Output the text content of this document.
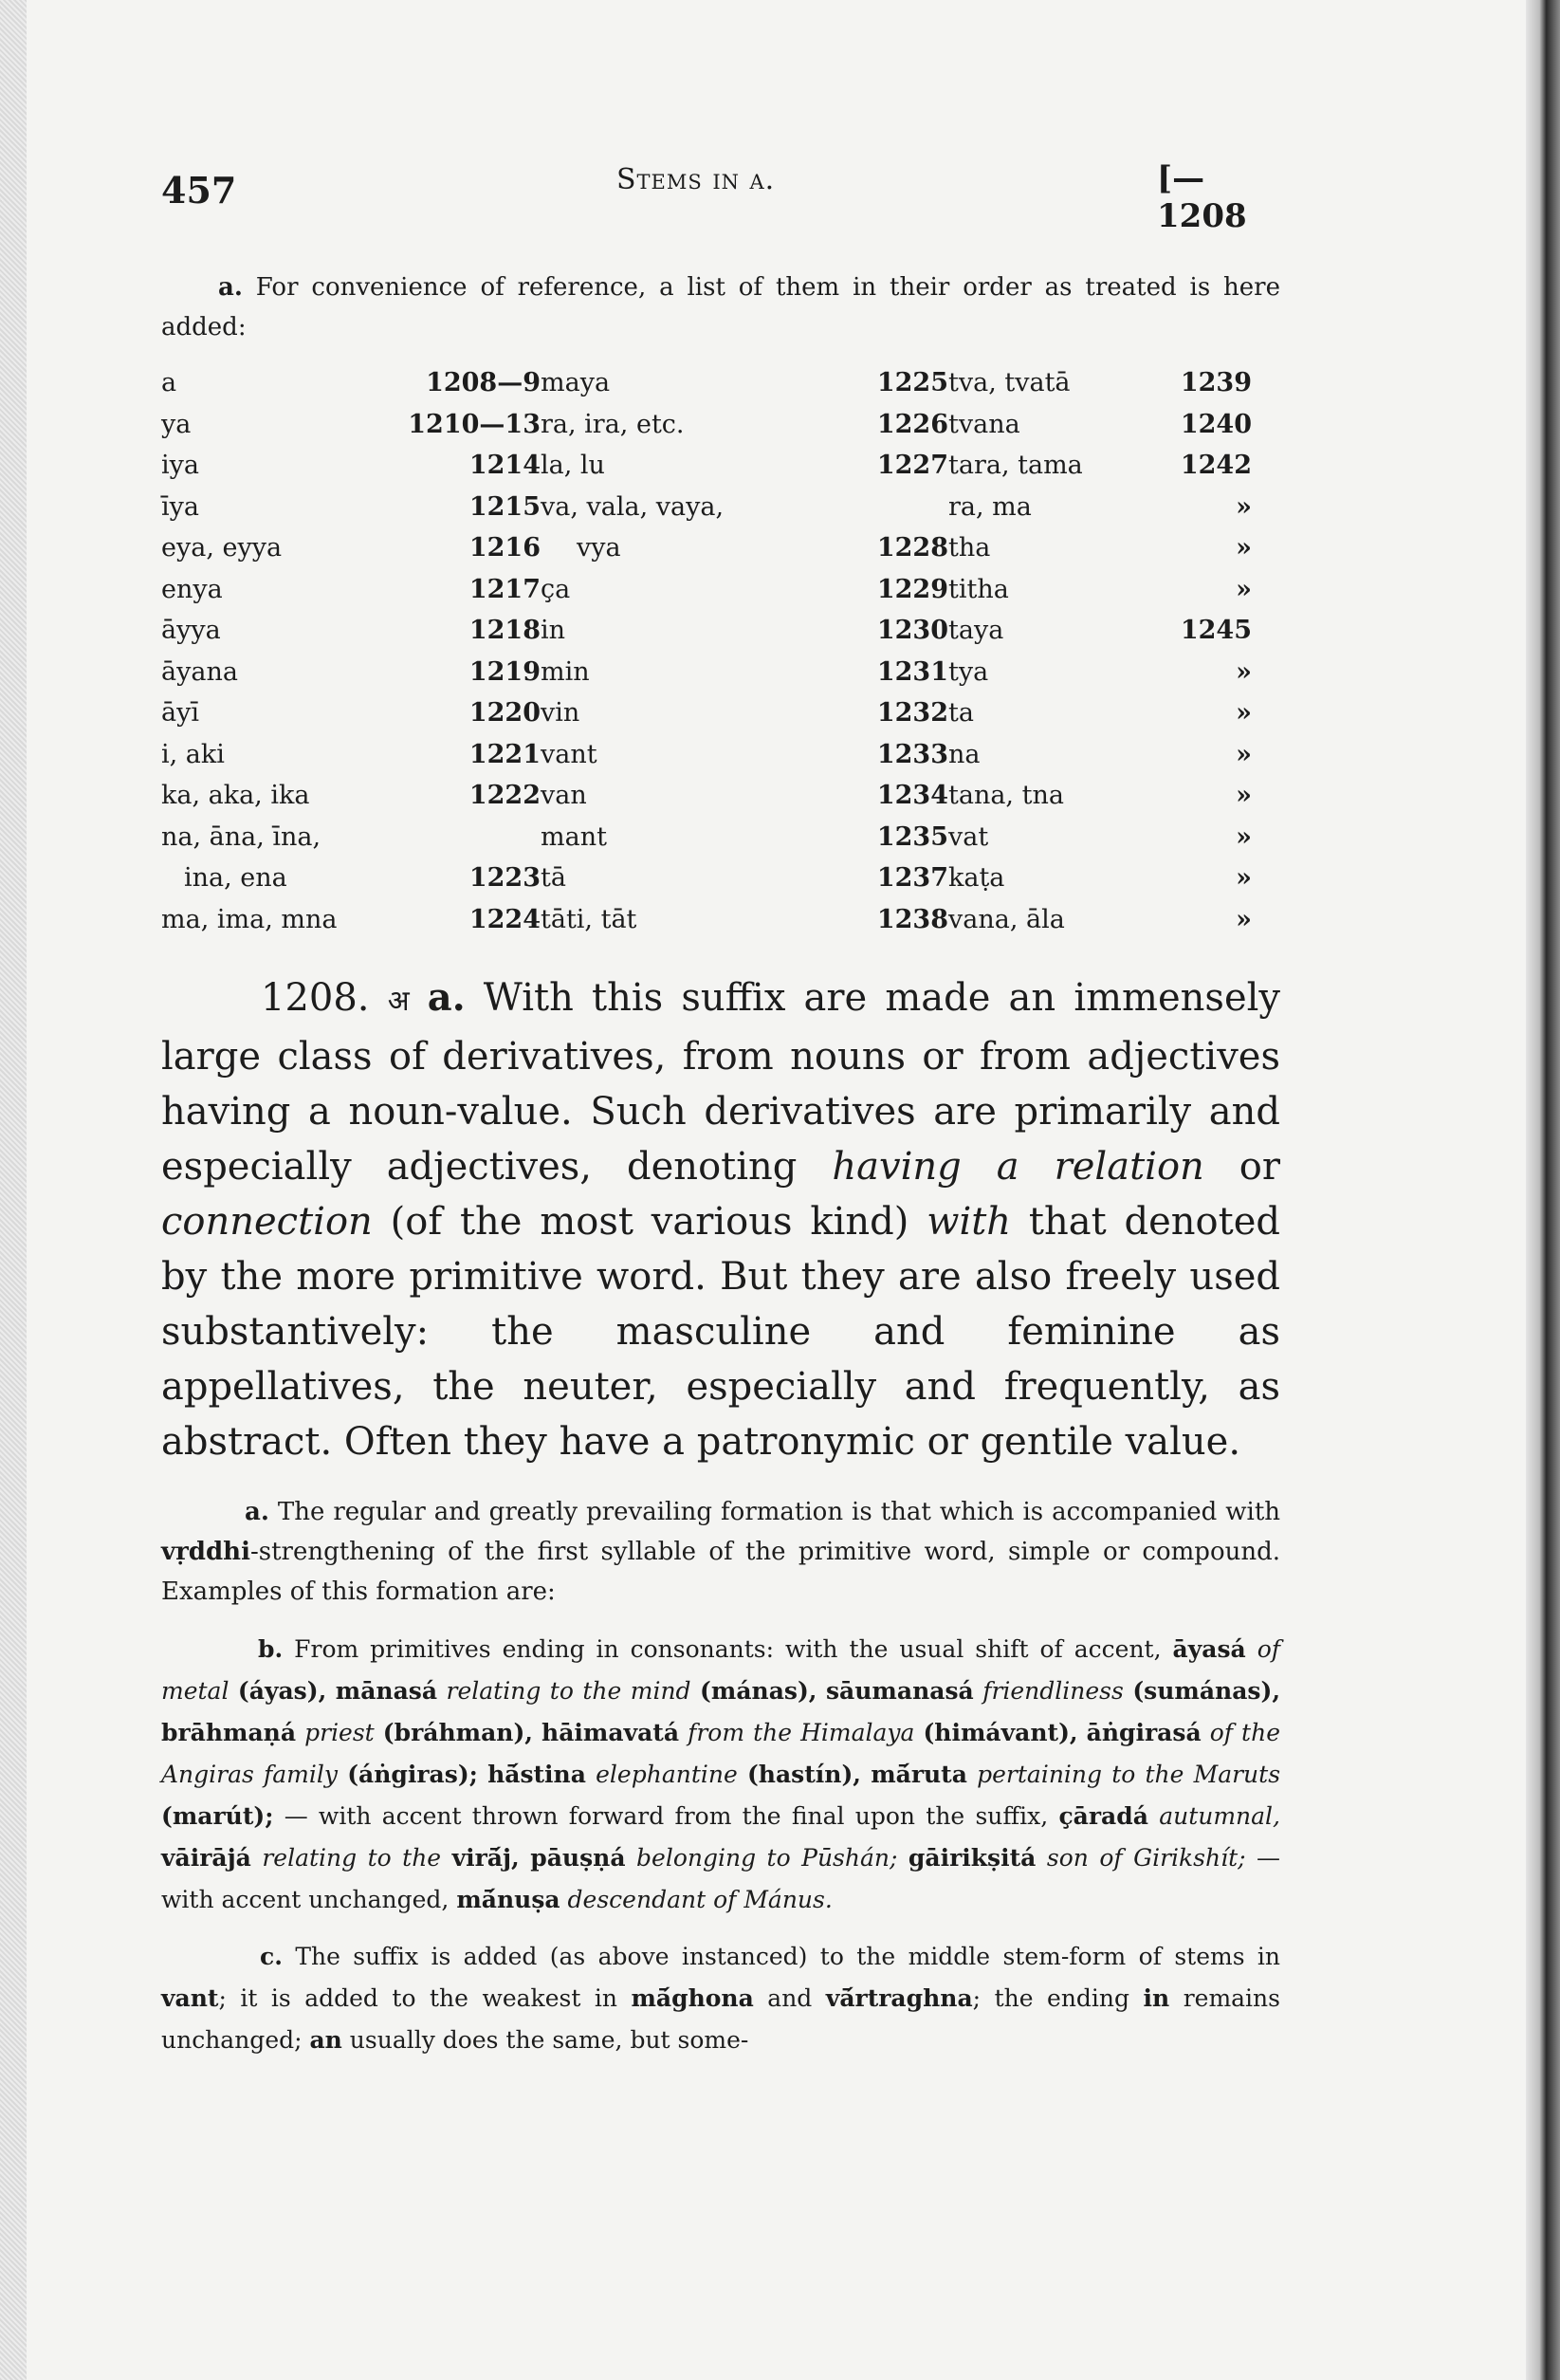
457	Stems in a.	[—1208

a. For convenience of reference, a list of them in their order as treated is here added:

a	1208—9	maya	1225	tva, tvatā	1239
ya	1210—13	ra, ira, etc.	1226	tvana	1240
iya	1214	la, lu	1227	tara, tama	1242
īya	1215	va, vala, vaya,		ra, ma	»
eya, eyya	1216	vya	1228	tha	»
enya	1217	ça	1229	titha	»
āyya	1218	in	1230	taya	1245
āyana	1219	min	1231	tya	»
āyī	1220	vin	1232	ta	»
i, aki	1221	vant	1233	na	»
ka, aka, ika	1222	van	1234	tana, tna	»
na, āna, īna,		mant	1235	vat	»
ina, ena	1223	tā	1237	kaṭa	»
ma, ima, mna	1224	tāti, tāt	1238	vana, āla	»

1208. अ a. With this suffix are made an immensely large class of derivatives, from nouns or from adjectives having a noun-value. Such derivatives are primarily and especially adjectives, denoting having a relation or connection (of the most various kind) with that denoted by the more primitive word. But they are also freely used substantively: the masculine and feminine as appellatives, the neuter, especially and frequently, as abstract. Often they have a patronymic or gentile value.

a. The regular and greatly prevailing formation is that which is accompanied with vṛddhi-strengthening of the first syllable of the primitive word, simple or compound. Examples of this formation are:

b. From primitives ending in consonants: with the usual shift of accent, āyasá of metal (áyas), mānasá relating to the mind (mánas), sāumanasá friendliness (sumánas), brāhmaṇá priest (bráhman), hāimavatá from the Himalaya (himávant), āṅgirasá of the Angiras family (áṅgiras); hā́stina elephantine (hastín), mā́ruta pertaining to the Maruts (marút); — with accent thrown forward from the final upon the suffix, çāradá autumnal, vāirājá relating to the virā́j, pāuṣṇá belonging to Pūshán; gāirikṣitá son of Girikshít; — with accent unchanged, mā́nuṣa descendant of Mánus.

c. The suffix is added (as above instanced) to the middle stem-form of stems in vant; it is added to the weakest in mā́ghona and vā́rtraghna; the ending in remains unchanged; an usually does the same, but some-
